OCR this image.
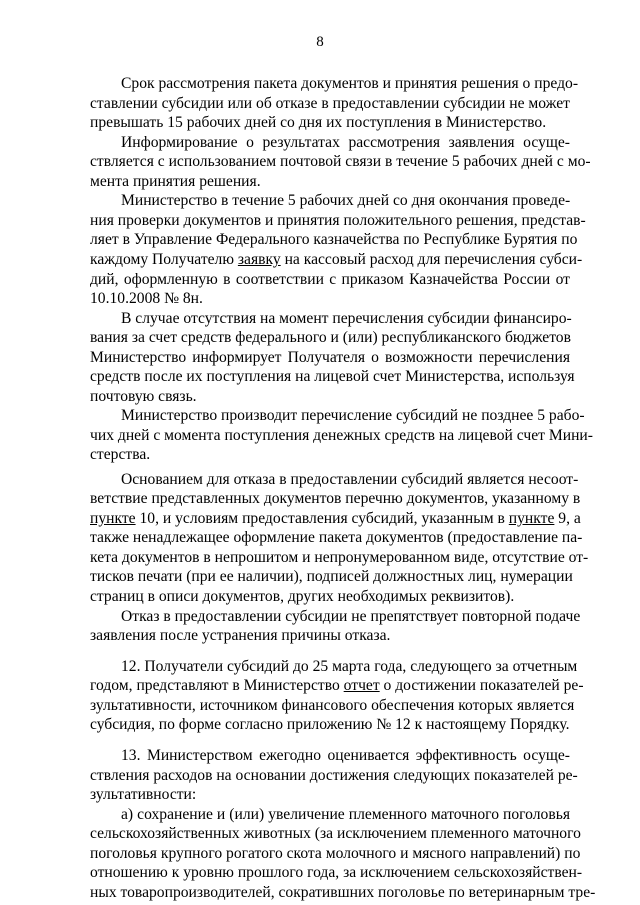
8
Срок рассмотрения пакета документов и принятия решения о предо-
ставлении субсидии или об отказе в предоставлении субсидии не может
превышать 15 рабочих дней со дня их поступления в Министерство.
Информирование о результатах рассмотрения заявления осуще-
ствляется с использованием почтовой связи в течение 5 рабочих дней с мо-
мента принятия решения.
Министерство в течение 5 рабочих дней со дня окончания проведе-
ния проверки документов и принятия положительного решения, представ-
ляет в Управление Федерального казначейства по Республике Бурятия по
каждому Получателю заявку на кассовый расход для перечисления субси-
дий, оформленную в соответствии с приказом Казначейства России от
10.10.2008 № 8н.
В случае отсутствия на момент перечисления субсидии финансиро-
вания за счет средств федерального и (или) республиканского бюджетов
Министерство информирует Получателя о возможности перечисления
средств после их поступления на лицевой счет Министерства, используя
почтовую связь.
Министерство производит перечисление субсидий не позднее 5 рабо-
чих дней с момента поступления денежных средств на лицевой счет Мини-
стерства.
Основанием для отказа в предоставлении субсидий является несоот-
ветствие представленных документов перечню документов, указанному в
пункте 10, и условиям предоставления субсидий, указанным в пункте 9, а
также ненадлежащее оформление пакета документов (предоставление па-
кета документов в непрошитом и непронумерованном виде, отсутствие от-
тисков печати (при ее наличии), подписей должностных лиц, нумерации
страниц в описи документов, других необходимых реквизитов).
Отказ в предоставлении субсидии не препятствует повторной подаче
заявления после устранения причины отказа.
12. Получатели субсидий до 25 марта года, следующего за отчетным
годом, представляют в Министерство отчет о достижении показателей ре-
зультативности, источником финансового обеспечения которых является
субсидия, по форме согласно приложению № 12 к настоящему Порядку.
13. Министерством ежегодно оценивается эффективность осуще-
ствления расходов на основании достижения следующих показателей ре-
зультативности:
а) сохранение и (или) увеличение племенного маточного поголовья
сельскохозяйственных животных (за исключением племенного маточного
поголовья крупного рогатого скота молочного и мясного направлений) по
отношению к уровню прошлого года, за исключением сельскохозяйствен-
ных товаропроизводителей, сократившних поголовье по ветеринарным тре-
